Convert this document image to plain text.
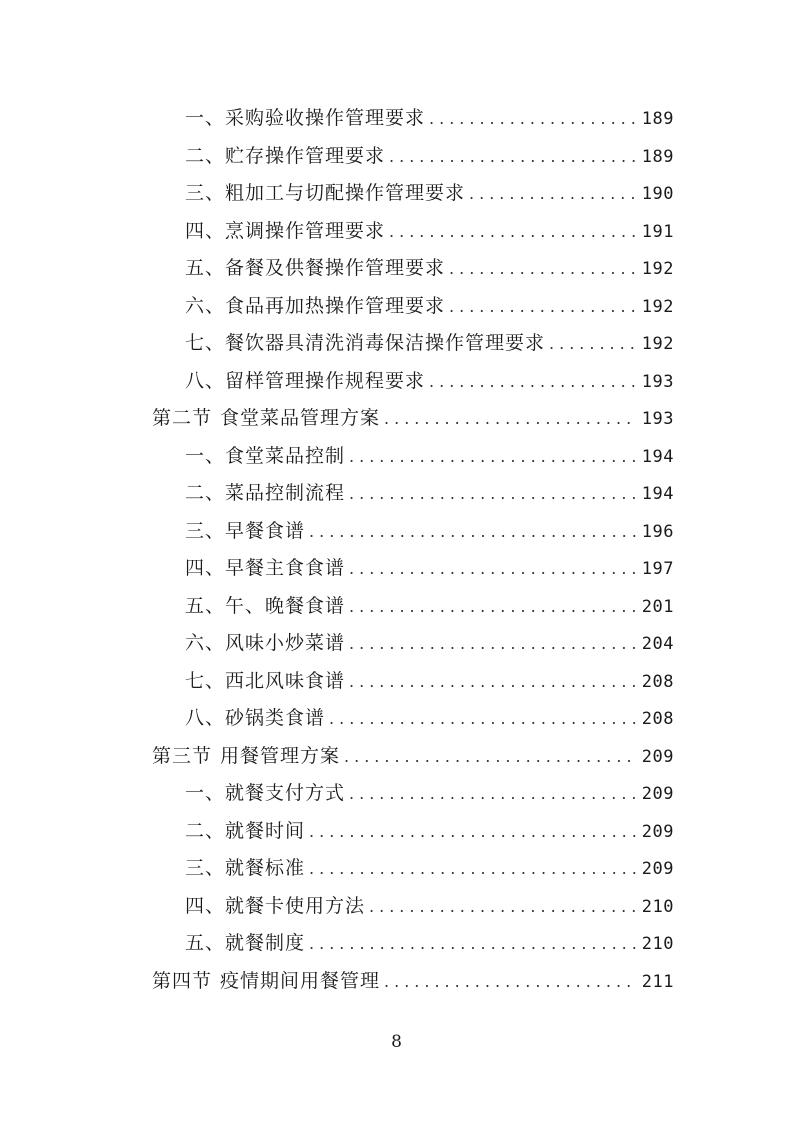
一、采购验收操作管理要求 .....	189
二、贮存操作管理要求 .....	189
三、粗加工与切配操作管理要求 .....	190
四、烹调操作管理要求 .....	191
五、备餐及供餐操作管理要求 .....	192
六、食品再加热操作管理要求 .....	192
七、餐饮器具清洗消毒保洁操作管理要求 .....	192
八、留样管理操作规程要求 .....	193
第二节 食堂菜品管理方案 .....	193
一、食堂菜品控制 .....	194
二、菜品控制流程 .....	194
三、早餐食谱 .....	196
四、早餐主食食谱 .....	197
五、午、晚餐食谱 .....	201
六、风味小炒菜谱 .....	204
七、西北风味食谱 .....	208
八、砂锅类食谱 .....	208
第三节 用餐管理方案 .....	209
一、就餐支付方式 .....	209
二、就餐时间 .....	209
三、就餐标准 .....	209
四、就餐卡使用方法 .....	210
五、就餐制度 .....	210
第四节 疫情期间用餐管理 .....	211
8
